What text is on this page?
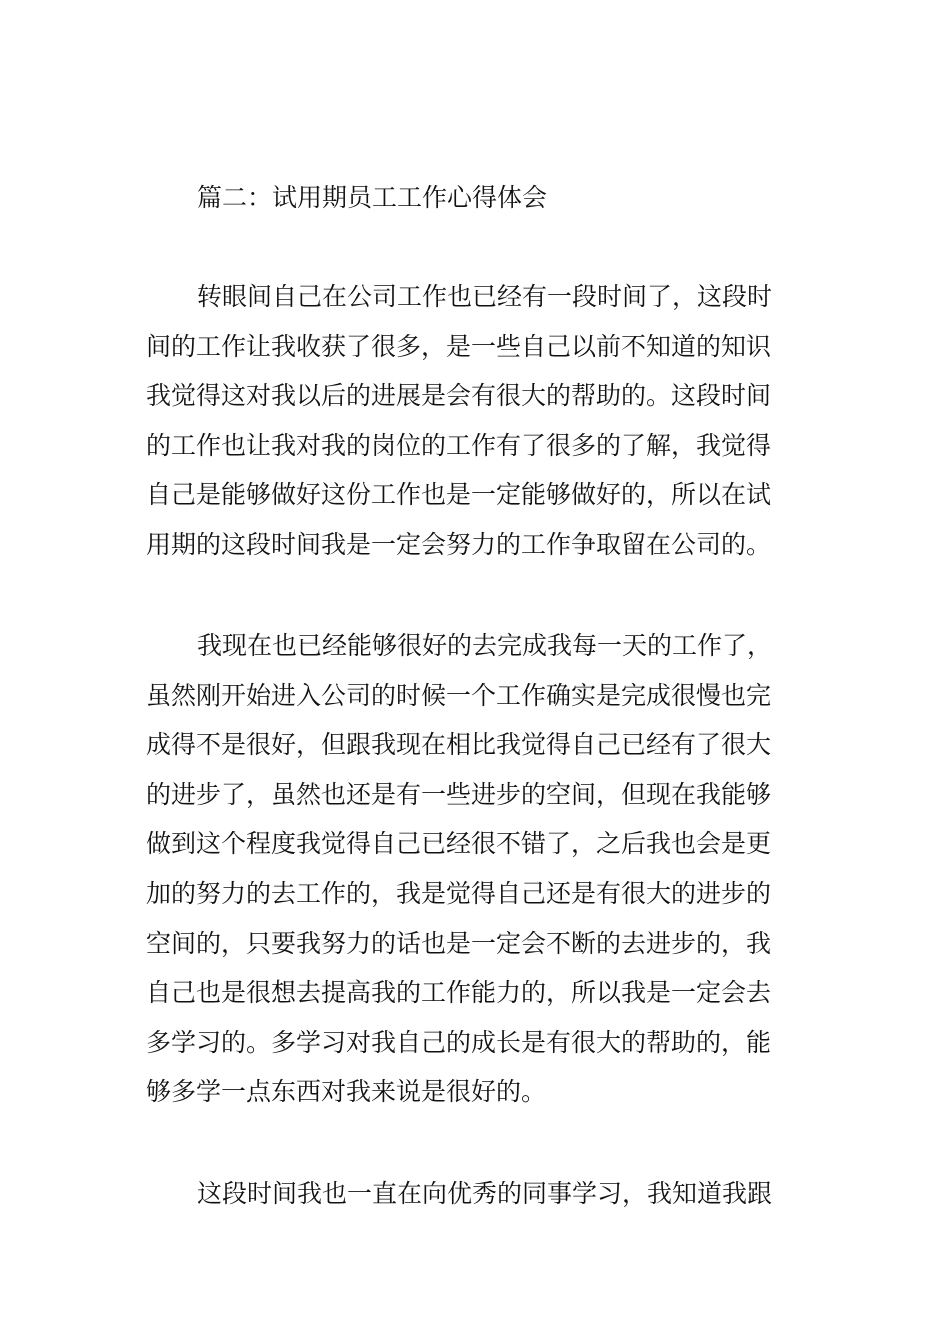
篇二：试用期员工工作心得体会
转眼间自己在公司工作也已经有一段时间了，这段时
间的工作让我收获了很多，是一些自己以前不知道的知识
我觉得这对我以后的进展是会有很大的帮助的。这段时间
的工作也让我对我的岗位的工作有了很多的了解，我觉得
自己是能够做好这份工作也是一定能够做好的，所以在试
用期的这段时间我是一定会努力的工作争取留在公司的。
我现在也已经能够很好的去完成我每一天的工作了，
虽然刚开始进入公司的时候一个工作确实是完成很慢也完
成得不是很好，但跟我现在相比我觉得自己已经有了很大
的进步了，虽然也还是有一些进步的空间，但现在我能够
做到这个程度我觉得自己已经很不错了，之后我也会是更
加的努力的去工作的，我是觉得自己还是有很大的进步的
空间的，只要我努力的话也是一定会不断的去进步的，我
自己也是很想去提高我的工作能力的，所以我是一定会去
多学习的。多学习对我自己的成长是有很大的帮助的，能
够多学一点东西对我来说是很好的。
这段时间我也一直在向优秀的同事学习，我知道我跟
